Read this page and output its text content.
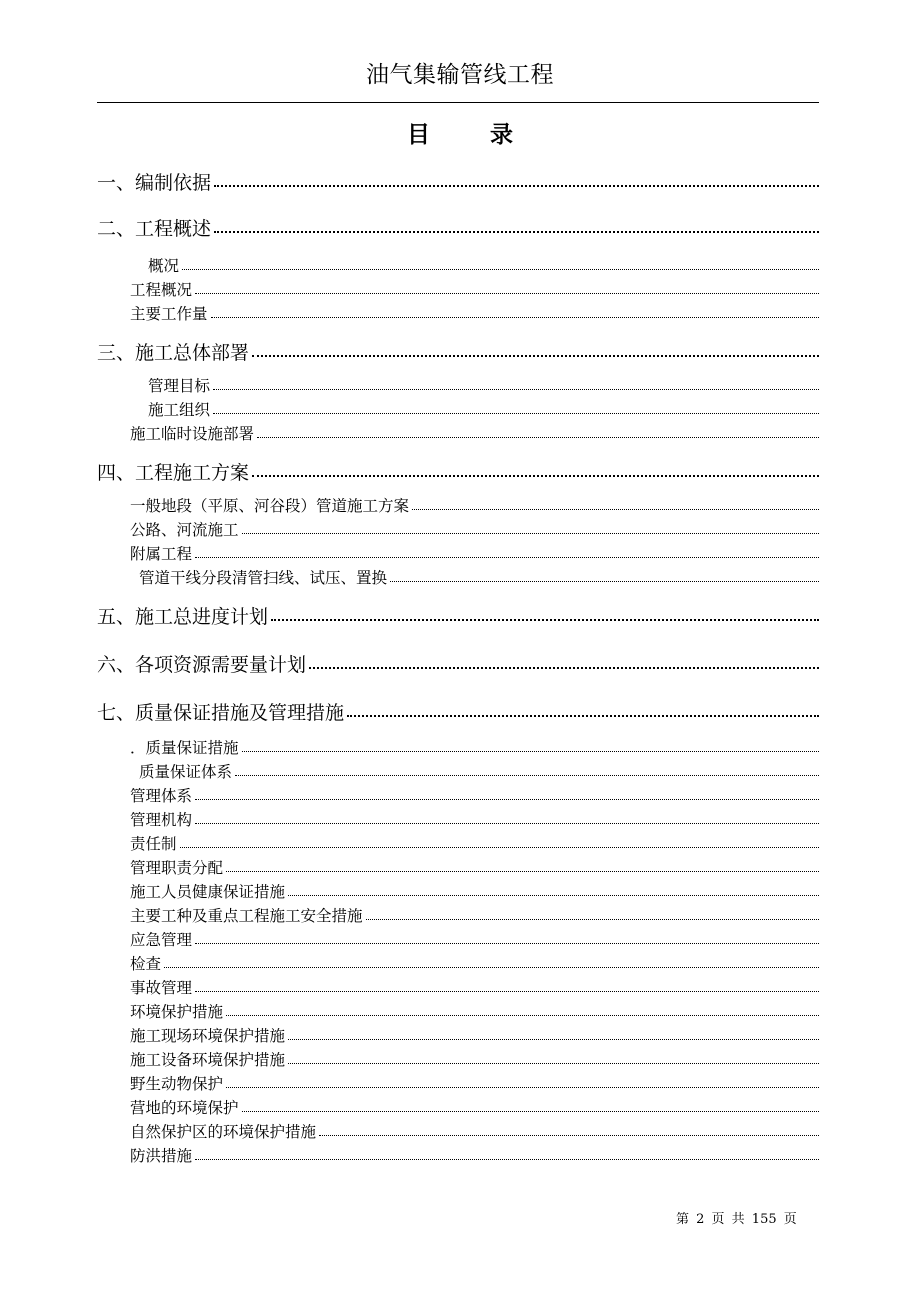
油气集输管线工程
目 录
一、编制依据
二、工程概述
概况
工程概况
主要工作量
三、施工总体部署
管理目标
施工组织
施工临时设施部署
四、工程施工方案
一般地段（平原、河谷段）管道施工方案
公路、河流施工
附属工程
管道干线分段清管扫线、试压、置换
五、施工总进度计划
六、各项资源需要量计划
七、质量保证措施及管理措施
．质量保证措施
质量保证体系
管理体系
管理机构
责任制
管理职责分配
施工人员健康保证措施
主要工种及重点工程施工安全措施
应急管理
检查
事故管理
环境保护措施
施工现场环境保护措施
施工设备环境保护措施
野生动物保护
营地的环境保护
自然保护区的环境保护措施
防洪措施
第 2 页 共 155 页
